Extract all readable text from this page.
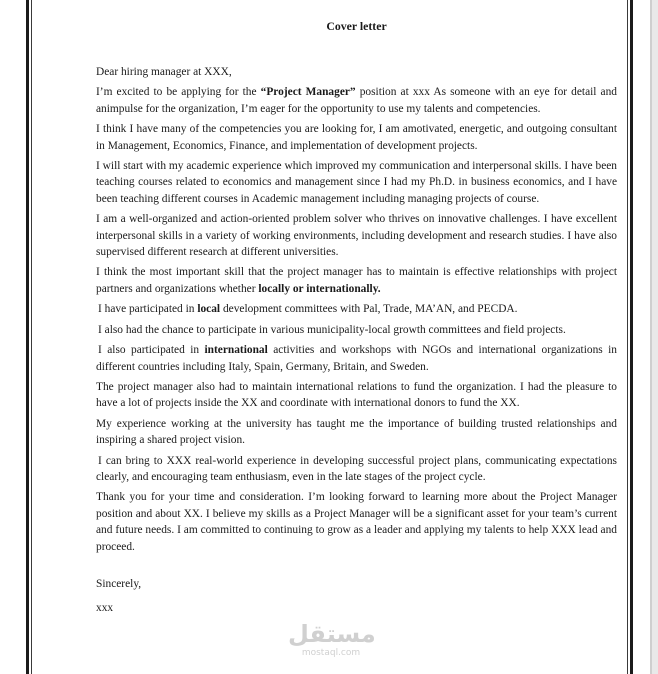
Cover letter
Dear hiring manager at XXX,
I’m excited to be applying for the “Project Manager” position at xxx As someone with an eye for detail and animpulse for the organization, I’m eager for the opportunity to use my talents and competencies.
I think I have many of the competencies you are looking for, I am amotivated, energetic, and outgoing consultant in Management, Economics, Finance, and implementation of development projects.
I will start with my academic experience which improved my communication and interpersonal skills. I have been teaching courses related to economics and management since I had my Ph.D. in business economics, and I have been teaching different courses in Academic management including managing projects of course.
I am a well-organized and action-oriented problem solver who thrives on innovative challenges. I have excellent interpersonal skills in a variety of working environments, including development and research studies. I have also supervised different research at different universities.
I think the most important skill that the project manager has to maintain is effective relationships with project partners and organizations whether locally or internationally.
I have participated in local development committees with Pal, Trade, MA’AN, and PECDA.
I also had the chance to participate in various municipality-local growth committees and field projects.
I also participated in international activities and workshops with NGOs and international organizations in different countries including Italy, Spain, Germany, Britain, and Sweden.
The project manager also had to maintain international relations to fund the organization. I had the pleasure to have a lot of projects inside the XX and coordinate with international donors to fund the XX.
My experience working at the university has taught me the importance of building trusted relationships and inspiring a shared project vision.
I can bring to XXX real-world experience in developing successful project plans, communicating expectations clearly, and encouraging team enthusiasm, even in the late stages of the project cycle.
Thank you for your time and consideration. I’m looking forward to learning more about the Project Manager position and about XX. I believe my skills as a Project Manager will be a significant asset for your team’s current and future needs. I am committed to continuing to grow as a leader and applying my talents to help XXX lead and proceed.
Sincerely,
xxx
مستقل
mostaql.com
